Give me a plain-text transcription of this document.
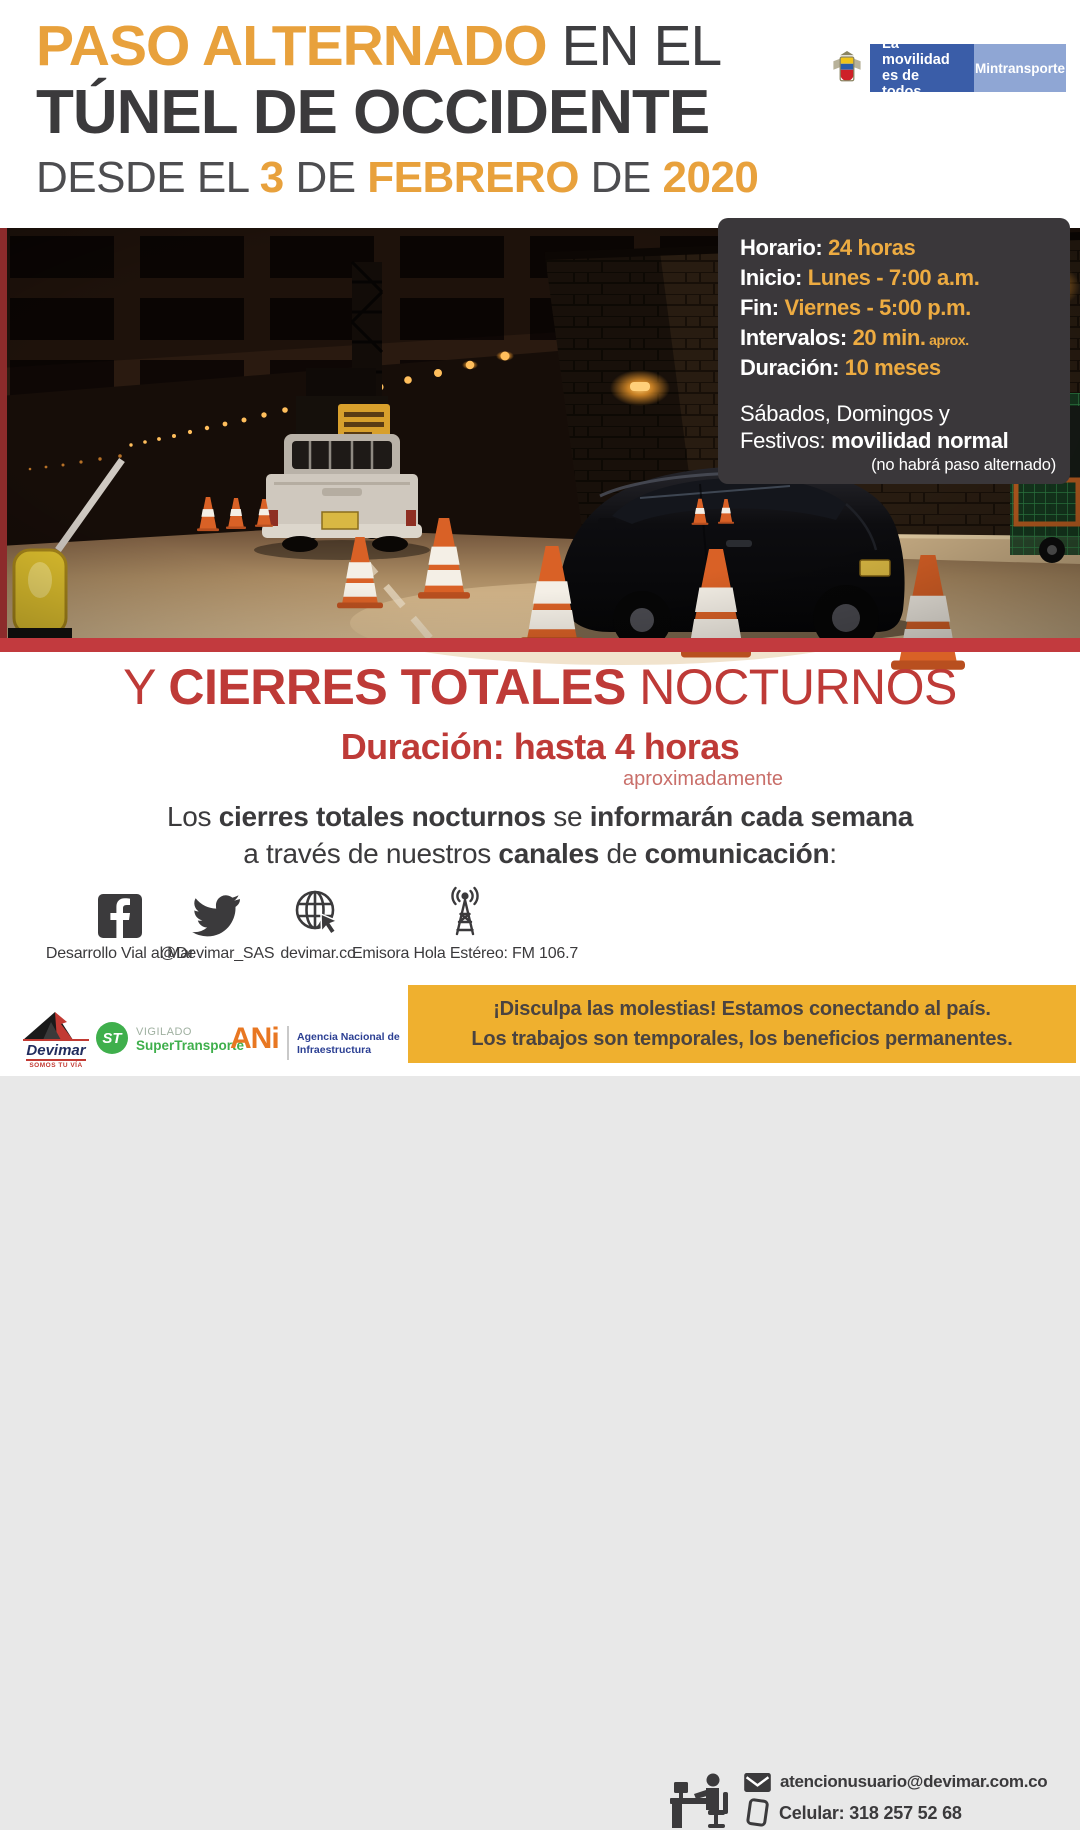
PASO ALTERNADO EN EL
TÚNEL DE OCCIDENTE
DESDE EL 3 DE FEBRERO DE 2020
La movilidad
es de todos
Mintransporte
Horario: 24 horas
Inicio: Lunes - 7:00 a.m.
Fin: Viernes - 5:00 p.m.
Intervalos: 20 min. aprox.
Duración: 10 meses
Sábados, Domingos y
Festivos: movilidad normal
(no habrá paso alternado)
Y CIERRES TOTALES NOCTURNOS
Duración: hasta 4 horas
aproximadamente
Los cierres totales nocturnos se informarán cada semana
a través de nuestros canales de comunicación:
Desarrollo Vial al Mar
@Devimar_SAS devimar.co
Emisora Hola Estéreo: FM 106.7
atencionusuario@devimar.com.co
Celular: 318 257 52 68
Devimar
SOMOS TU VÍA
ST	VIGILADO
SuperTransporte
ANi Agencia Nacional de
Infraestructura
¡Disculpa las molestias! Estamos conectando al país.
Los trabajos son temporales, los beneficios permanentes.
